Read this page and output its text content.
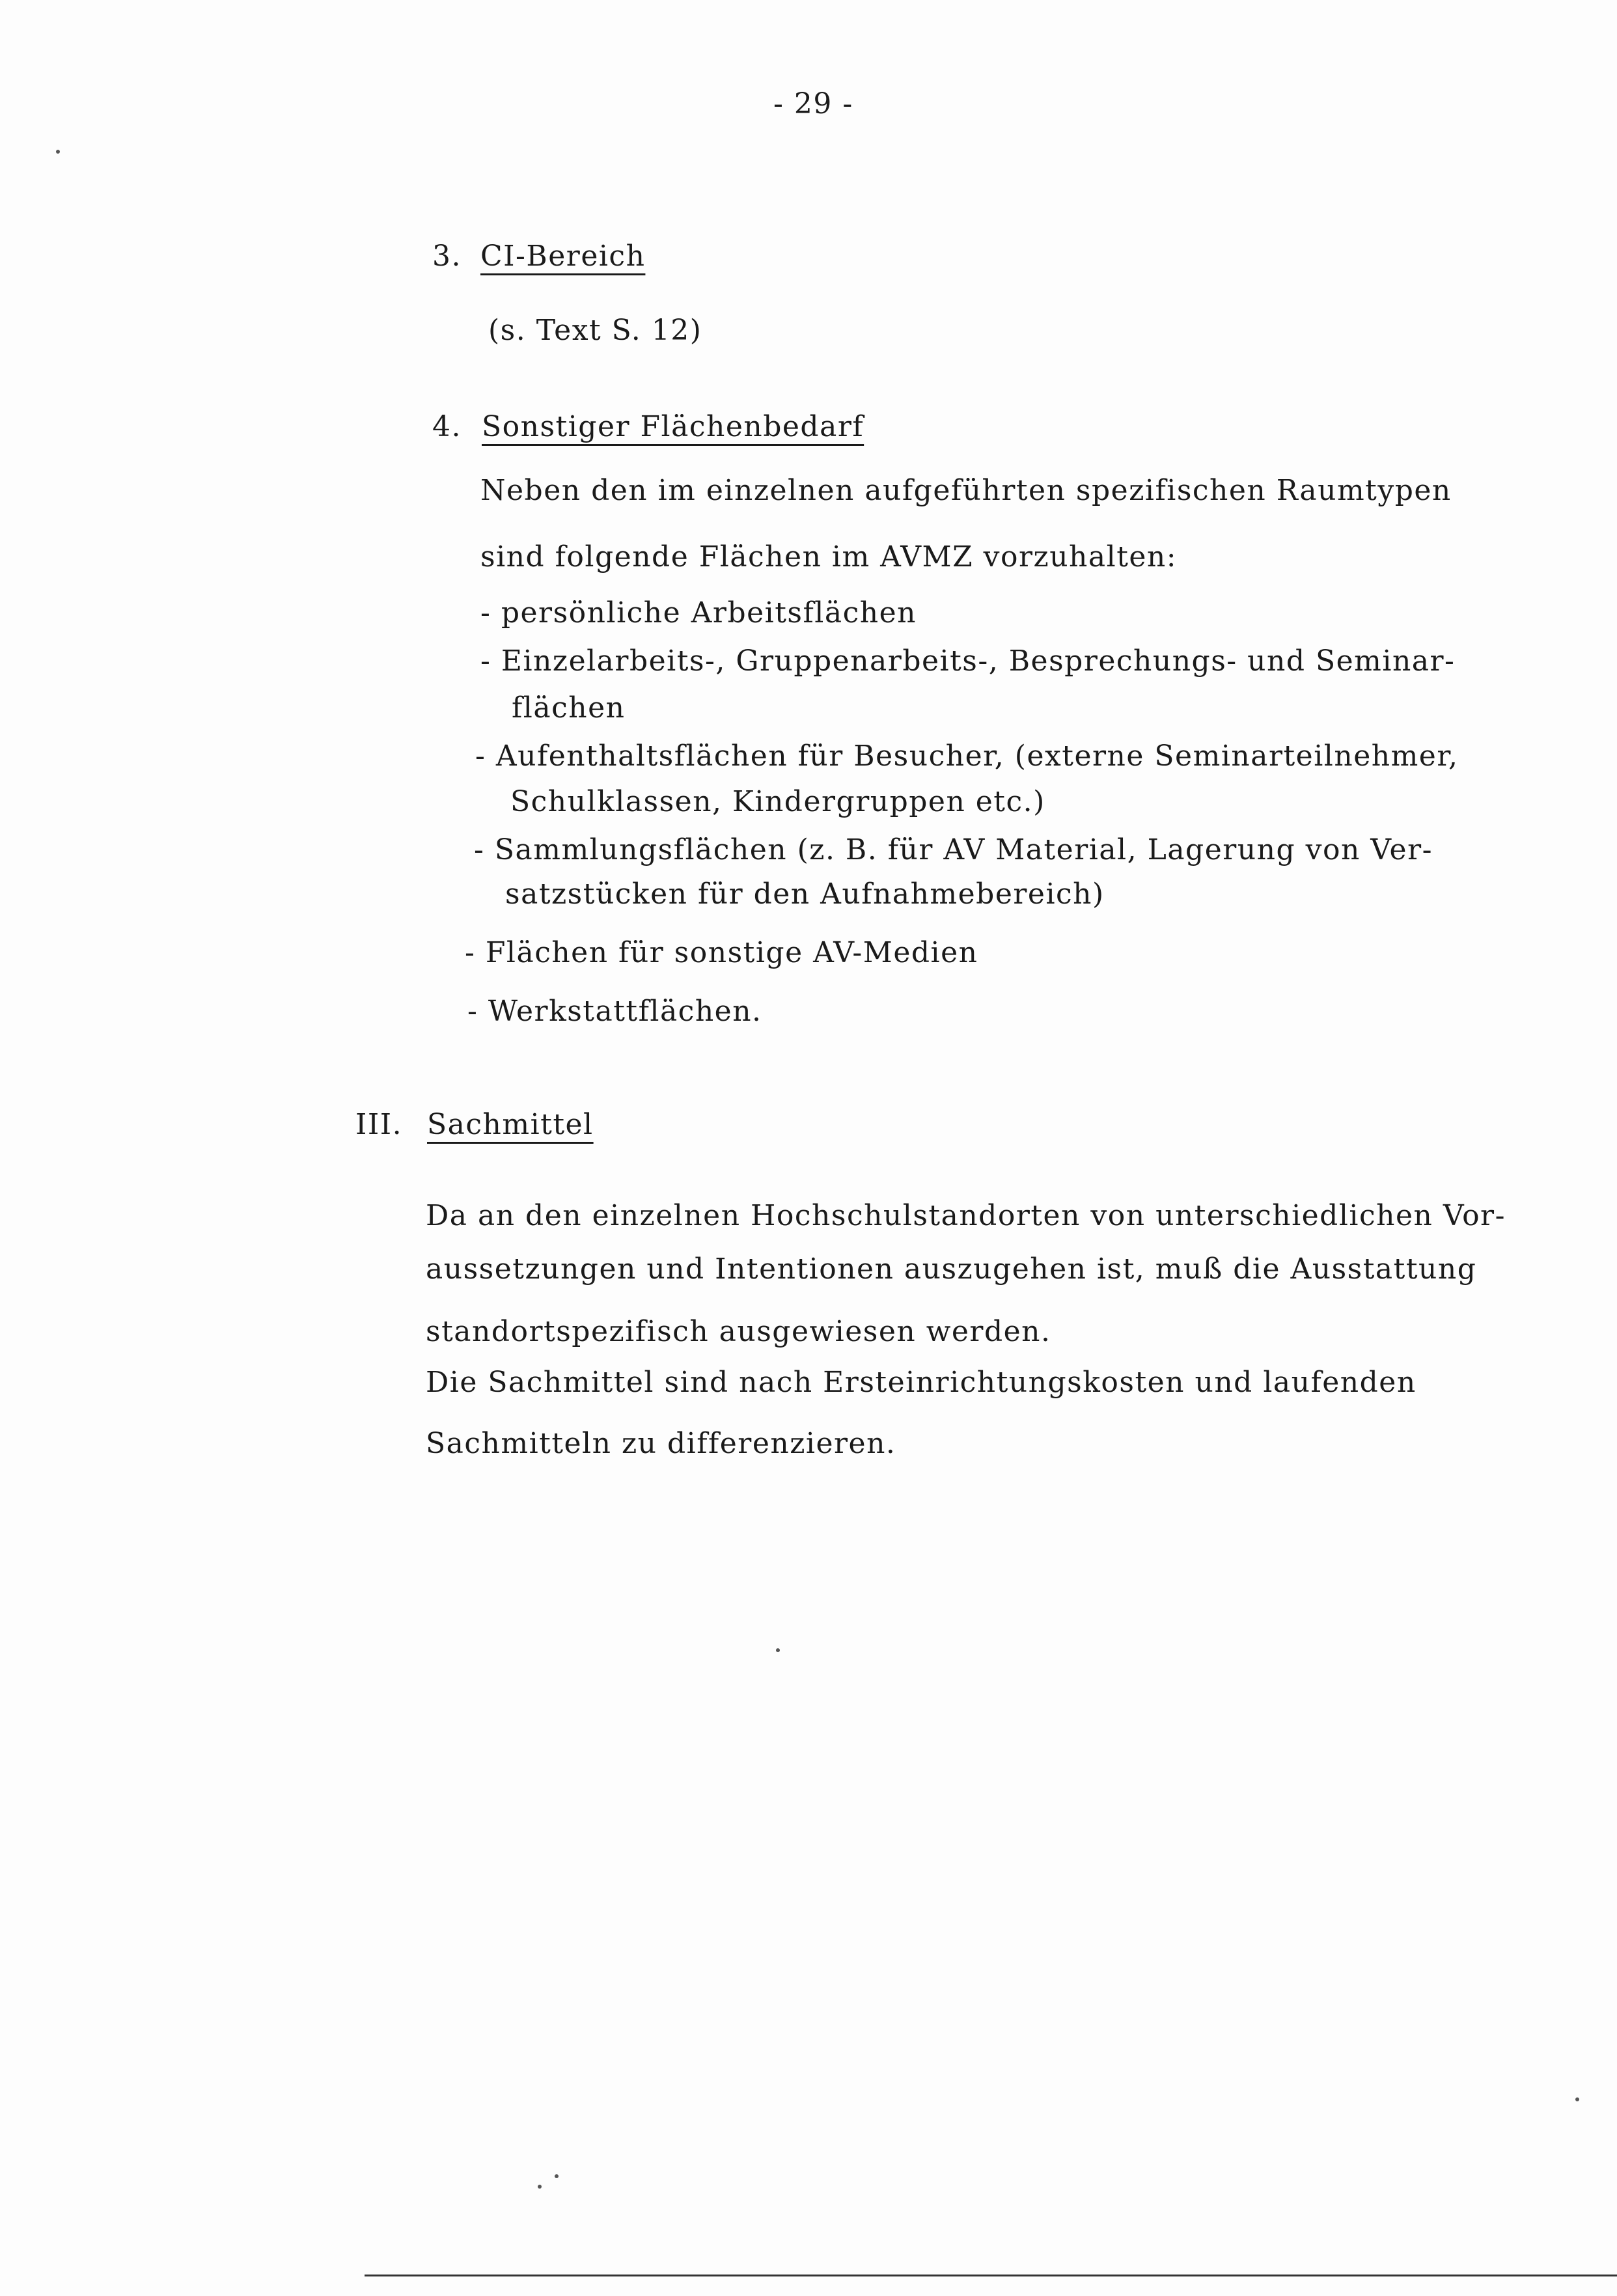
- 29 -
3. CI-Bereich
(s. Text S. 12)
4. Sonstiger Flächenbedarf
Neben den im einzelnen aufgeführten spezifischen Raumtypen
sind folgende Flächen im AVMZ vorzuhalten:
- persönliche Arbeitsflächen
- Einzelarbeits-, Gruppenarbeits-, Besprechungs- und Seminar-
flächen
- Aufenthaltsflächen für Besucher, (externe Seminarteilnehmer,
Schulklassen, Kindergruppen etc.)
- Sammlungsflächen (z. B. für AV Material, Lagerung von Ver-
satzstücken für den Aufnahmebereich)
- Flächen für sonstige AV-Medien
- Werkstattflächen.
III. Sachmittel
Da an den einzelnen Hochschulstandorten von unterschiedlichen Vor-
aussetzungen und Intentionen auszugehen ist, muß die Ausstattung
standortspezifisch ausgewiesen werden.
Die Sachmittel sind nach Ersteinrichtungskosten und laufenden
Sachmitteln zu differenzieren.
